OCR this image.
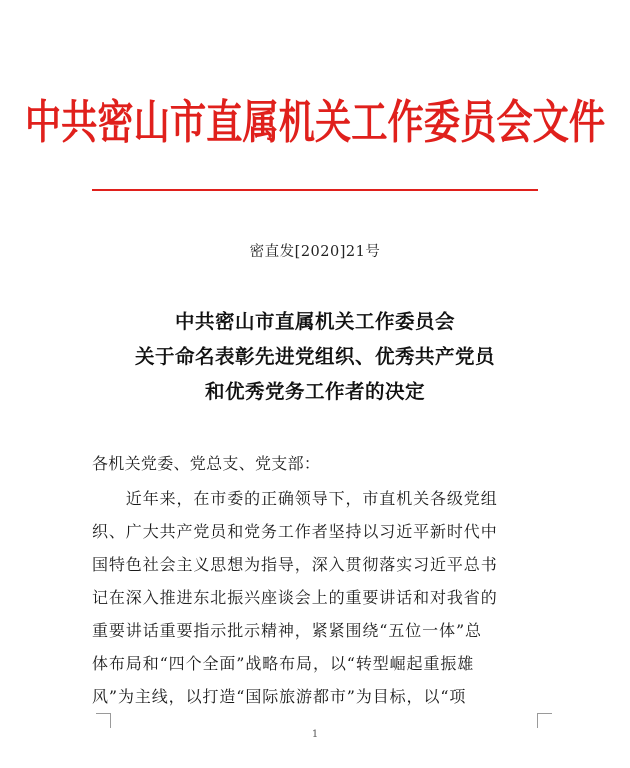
中共密山市直属机关工作委员会文件
密直发[2020]21号
中共密山市直属机关工作委员会
关于命名表彰先进党组织、优秀共产党员
和优秀党务工作者的决定
各机关党委、党总支、党支部：
　　近年来，在市委的正确领导下，市直机关各级党组
织、广大共产党员和党务工作者坚持以习近平新时代中
国特色社会主义思想为指导，深入贯彻落实习近平总书
记在深入推进东北振兴座谈会上的重要讲话和对我省的
重要讲话重要指示批示精神，紧紧围绕“五位一体”总
体布局和“四个全面”战略布局，以“转型崛起重振雄
风”为主线，以打造“国际旅游都市”为目标，以“项
1
